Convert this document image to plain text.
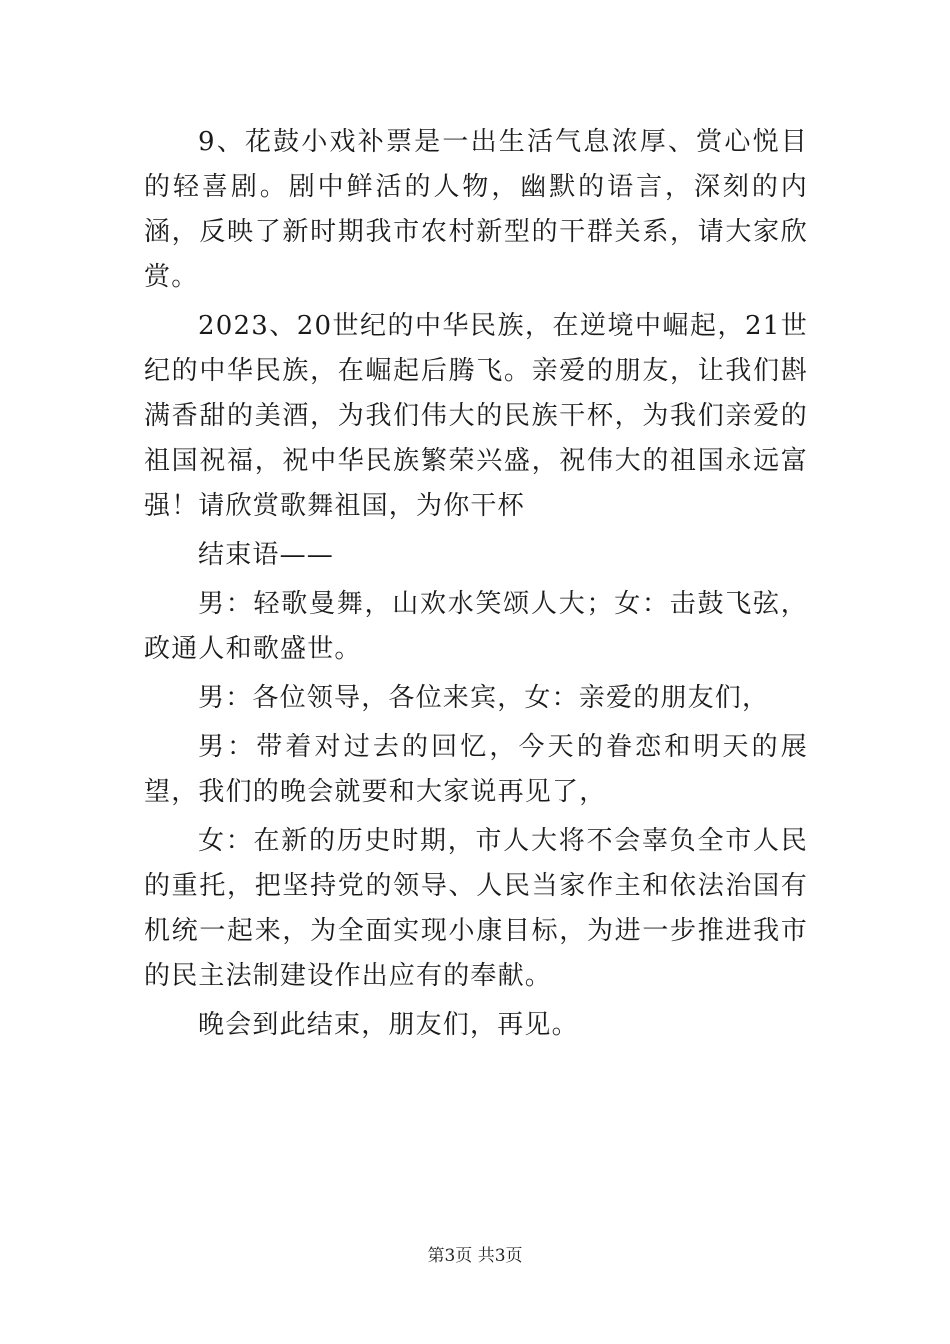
9、花鼓小戏补票是一出生活气息浓厚、赏心悦目的轻喜剧。剧中鲜活的人物，幽默的语言，深刻的内涵，反映了新时期我市农村新型的干群关系，请大家欣赏。

2023、20世纪的中华民族，在逆境中崛起，21世纪的中华民族，在崛起后腾飞。亲爱的朋友，让我们斟满香甜的美酒，为我们伟大的民族干杯，为我们亲爱的祖国祝福，祝中华民族繁荣兴盛，祝伟大的祖国永远富强！请欣赏歌舞祖国，为你干杯

结束语——

男：轻歌曼舞，山欢水笑颂人大；女：击鼓飞弦，政通人和歌盛世。

男：各位领导，各位来宾，女：亲爱的朋友们，

男：带着对过去的回忆，今天的眷恋和明天的展望，我们的晚会就要和大家说再见了，

女：在新的历史时期，市人大将不会辜负全市人民的重托，把坚持党的领导、人民当家作主和依法治国有机统一起来，为全面实现小康目标，为进一步推进我市的民主法制建设作出应有的奉献。

晚会到此结束，朋友们，再见。

第3页 共3页
